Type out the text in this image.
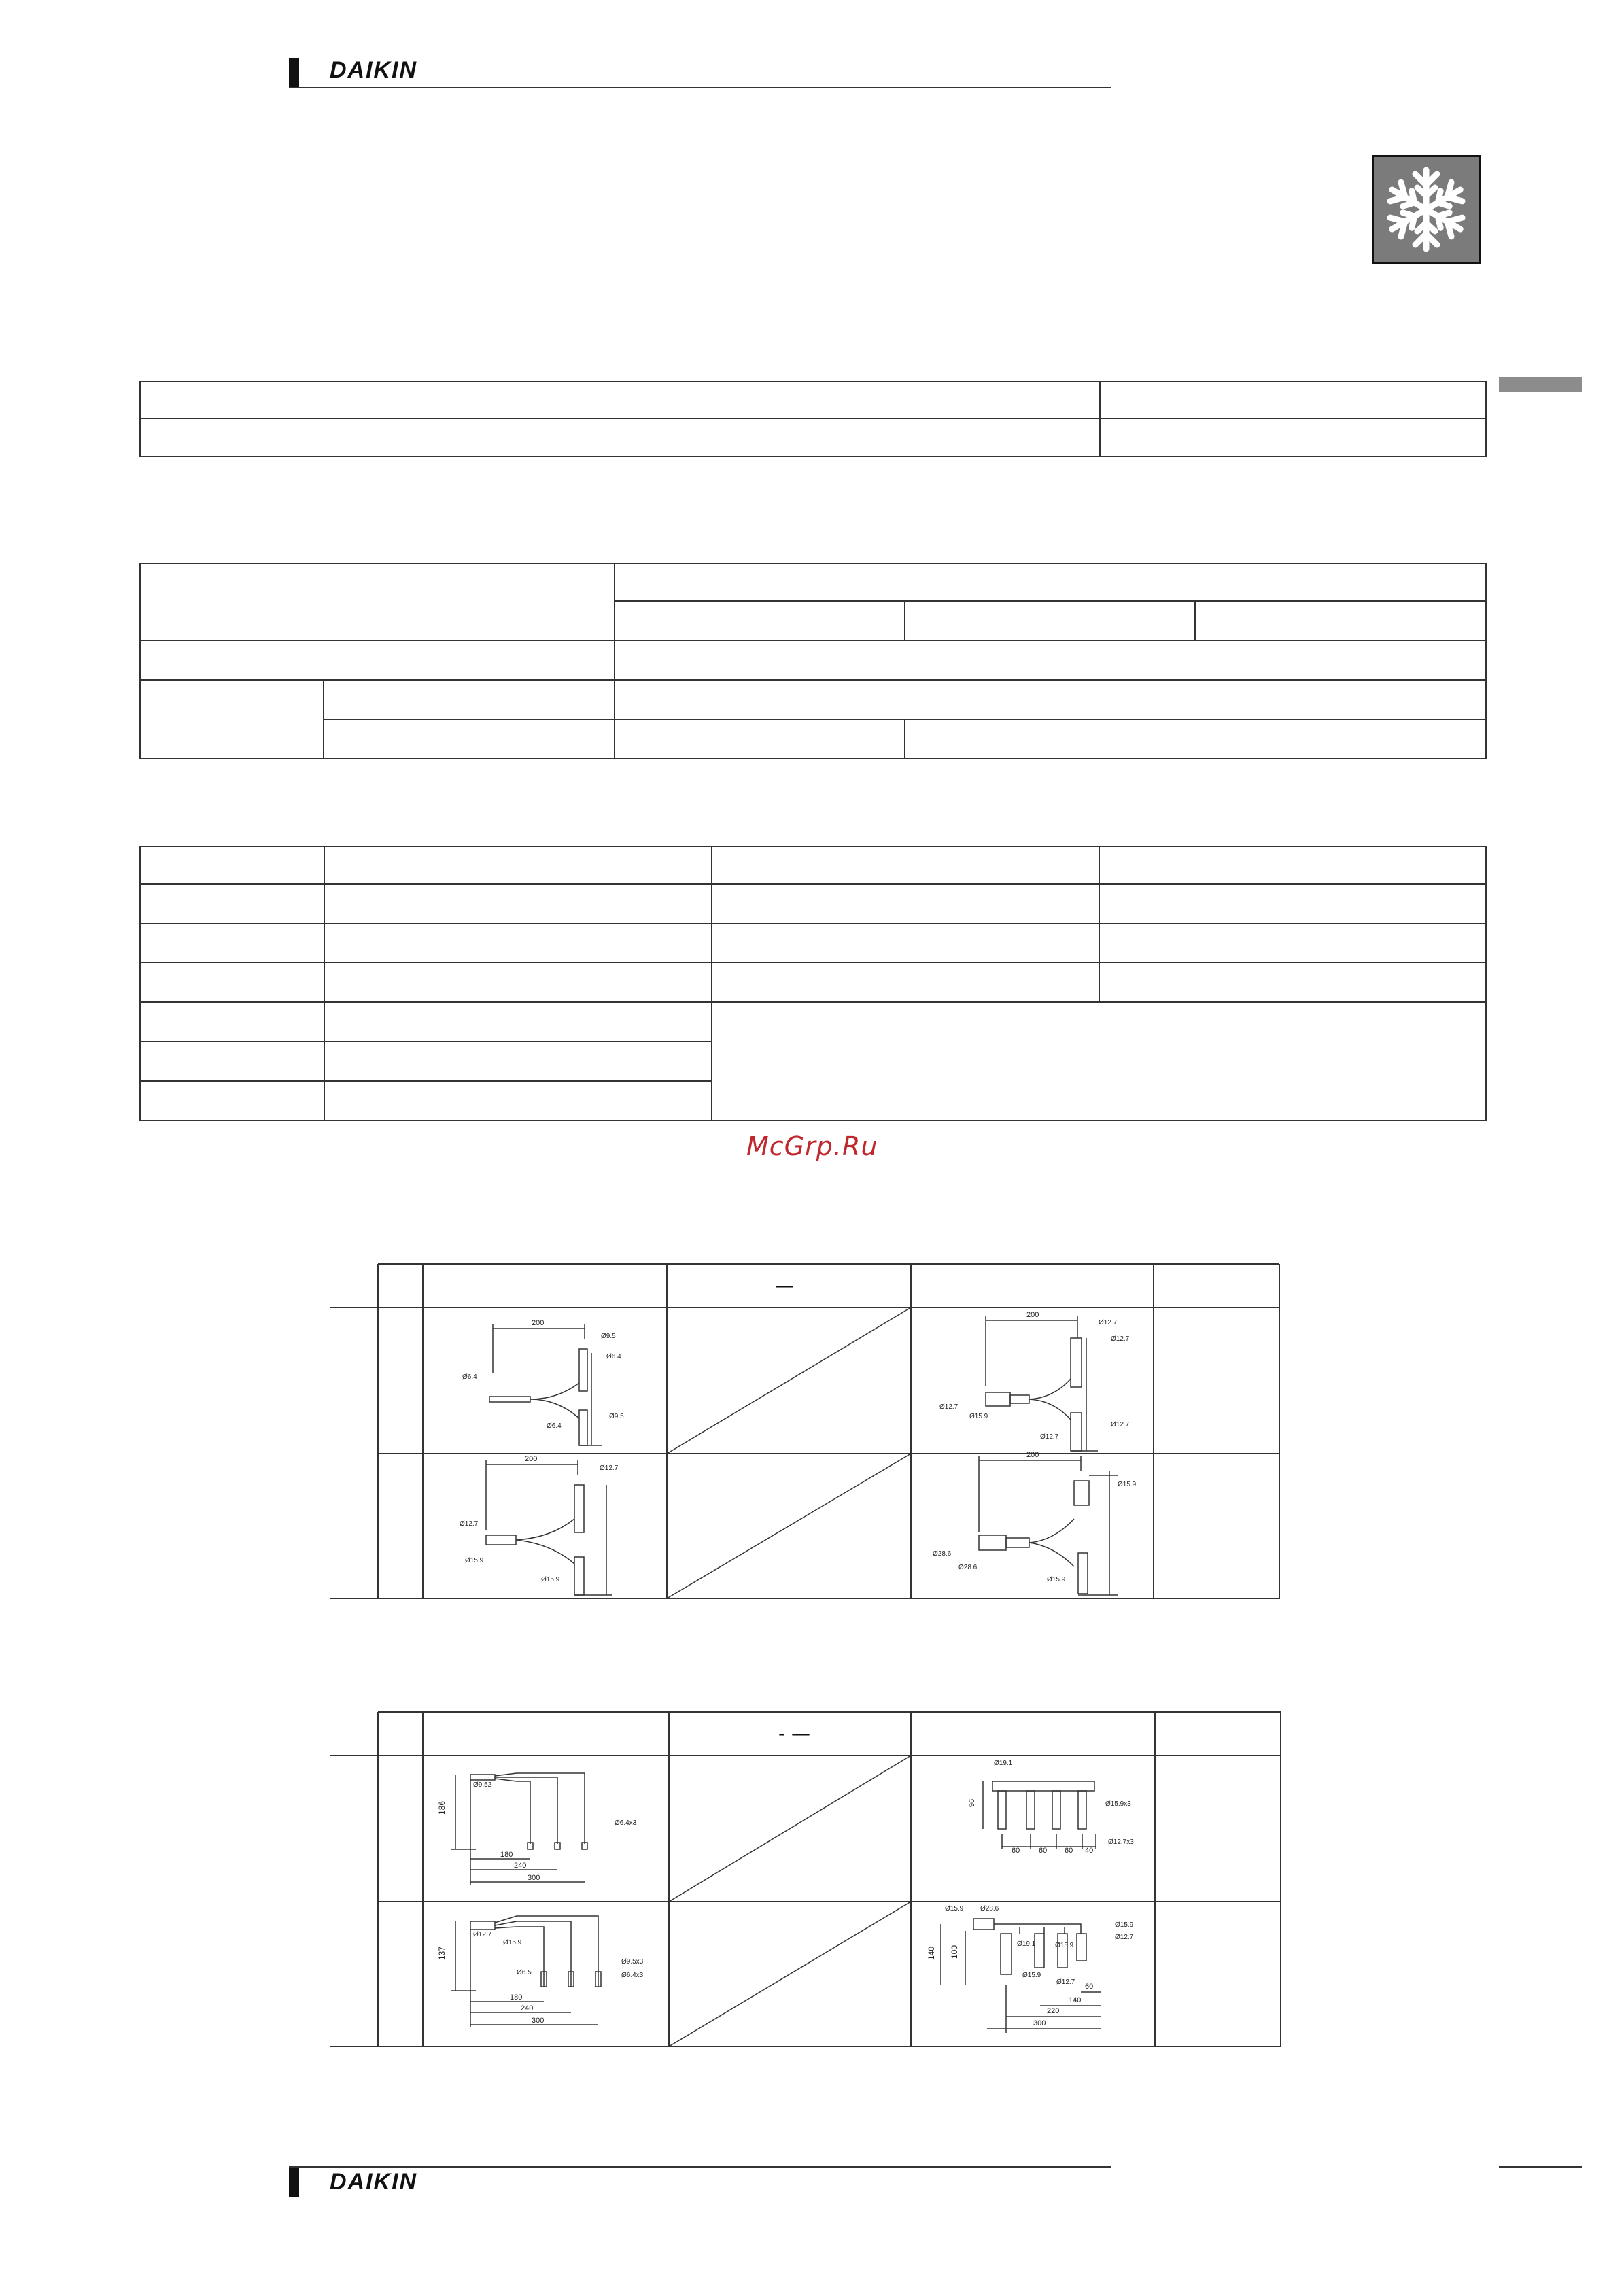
DAIKIN

McGrp.Ru
—
200
Ø6.4
Ø9.5
Ø6.4
Ø9.5
Ø6.4
200
Ø12.7
Ø12.7
Ø12.7
Ø15.9
Ø12.7
Ø12.7
200
Ø12.7
Ø12.7
Ø15.9
Ø15.9
200
Ø15.9
Ø28.6
Ø28.6
Ø15.9
- —
186
180
240
300
Ø9.52
Ø6.4x3
Ø19.1
96
60	60 60 40
Ø15.9x3
Ø12.7x3
137
180
240
300
Ø12.7
Ø15.9
Ø6.5
Ø9.5x3
Ø6.4x3
Ø15.9 Ø28.6
Ø19.1	Ø15.9
Ø15.9
Ø12.7
Ø15.9
Ø12.7
140 100
60
140
220
300
DAIKIN
